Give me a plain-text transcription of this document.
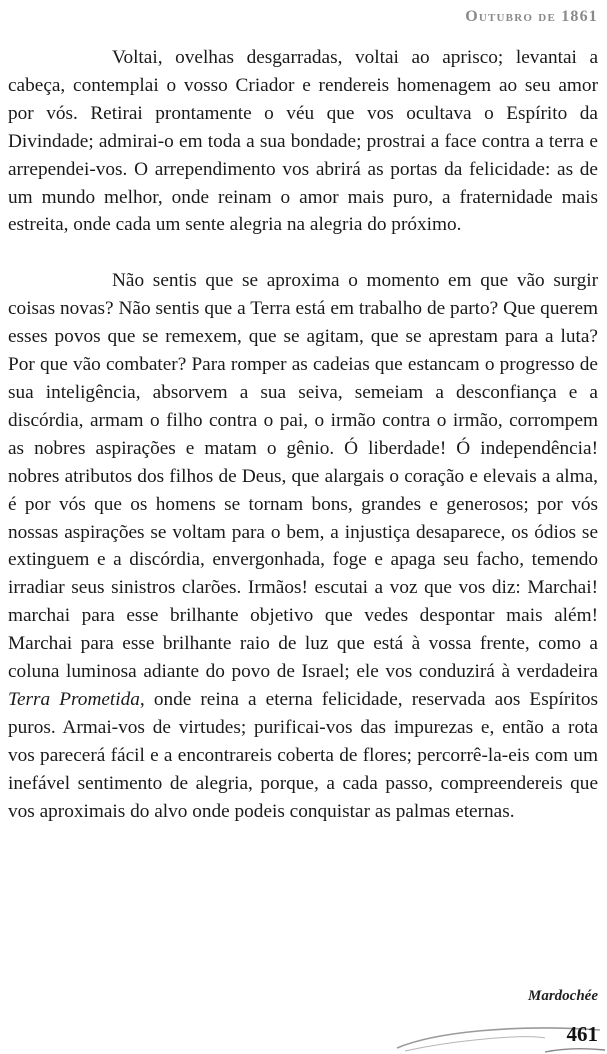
Outubro de 1861

Voltai, ovelhas desgarradas, voltai ao aprisco; levantai a cabeça, contemplai o vosso Criador e rendereis homenagem ao seu amor por vós. Retirai prontamente o véu que vos ocultava o Espírito da Divindade; admirai-o em toda a sua bondade; prostrai a face contra a terra e arrependei-vos. O arrependimento vos abrirá as portas da felicidade: as de um mundo melhor, onde reinam o amor mais puro, a fraternidade mais estreita, onde cada um sente alegria na alegria do próximo.

Não sentis que se aproxima o momento em que vão surgir coisas novas? Não sentis que a Terra está em trabalho de parto? Que querem esses povos que se remexem, que se agitam, que se aprestam para a luta? Por que vão combater? Para romper as cadeias que estancam o progresso de sua inteligência, absorvem a sua seiva, semeiam a desconfiança e a discórdia, armam o filho contra o pai, o irmão contra o irmão, corrompem as nobres aspirações e matam o gênio. Ó liberdade! Ó independência! nobres atributos dos filhos de Deus, que alargais o coração e elevais a alma, é por vós que os homens se tornam bons, grandes e generosos; por vós nossas aspirações se voltam para o bem, a injustiça desaparece, os ódios se extinguem e a discórdia, envergonhada, foge e apaga seu facho, temendo irradiar seus sinistros clarões. Irmãos! escutai a voz que vos diz: Marchai! marchai para esse brilhante objetivo que vedes despontar mais além! Marchai para esse brilhante raio de luz que está à vossa frente, como a coluna luminosa adiante do povo de Israel; ele vos conduzirá à verdadeira Terra Prometida, onde reina a eterna felicidade, reservada aos Espíritos puros. Armai-vos de virtudes; purificai-vos das impurezas e, então a rota vos parecerá fácil e a encontrareis coberta de flores; percorrê-la-eis com um inefável sentimento de alegria, porque, a cada passo, compreendereis que vos aproximais do alvo onde podeis conquistar as palmas eternas.

Mardochée
461
